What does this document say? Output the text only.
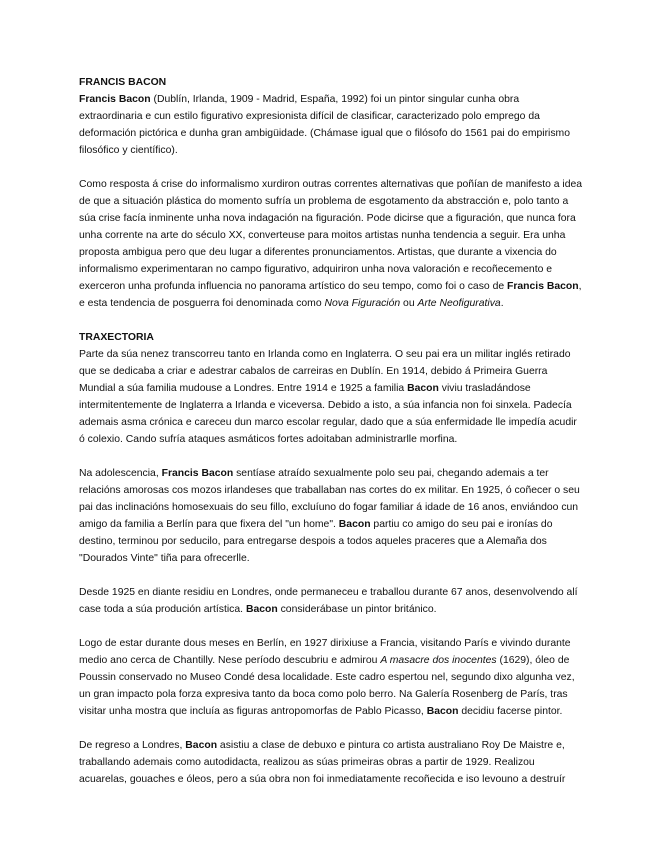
FRANCIS BACON

Francis Bacon (Dublín, Irlanda, 1909 - Madrid, España, 1992) foi un pintor singular cunha obra extraordinaria e cun estilo figurativo expresionista difícil de clasificar, caracterizado polo emprego da deformación pictórica e dunha gran ambigüidade. (Chámase igual que o filósofo do 1561 pai do empirismo filosófico y científico).

Como resposta á crise do informalismo xurdiron outras correntes alternativas que poñían de manifesto a idea de que a situación plástica do momento sufría un problema de esgotamento da abstracción e, polo tanto a súa crise facía inminente unha nova indagación na figuración. Pode dicirse que a figuración, que nunca fora unha corrente na arte do século XX, converteuse para moitos artistas nunha tendencia a seguir. Era unha proposta ambigua pero que deu lugar a diferentes pronunciamentos. Artistas, que durante a vixencia do informalismo experimentaran no campo figurativo, adquiriron unha nova valoración e recoñecemento e exerceron unha profunda influencia no panorama artístico do seu tempo, como foi o caso de Francis Bacon, e esta tendencia de posguerra foi denominada como Nova Figuración ou Arte Neofigurativa.

TRAXECTORIA

Parte da súa nenez transcorreu tanto en Irlanda como en Inglaterra. O seu pai era un militar inglés retirado que se dedicaba a criar e adestrar cabalos de carreiras en Dublín. En 1914, debido á Primeira Guerra Mundial a súa familia mudouse a Londres. Entre 1914 e 1925 a familia Bacon viviu trasladándose intermitentemente de Inglaterra a Irlanda e viceversa. Debido a isto, a súa infancia non foi sinxela. Padecía ademais asma crónica e careceu dun marco escolar regular, dado que a súa enfermidade lle impedía acudir ó colexio. Cando sufría ataques asmáticos fortes adoitaban administrarlle morfina.

Na adolescencia, Francis Bacon sentíase atraído sexualmente polo seu pai, chegando ademais a ter relacións amorosas cos mozos irlandeses que traballaban nas cortes do ex militar. En 1925, ó coñecer o seu pai das inclinacións homosexuais do seu fillo, excluíuno do fogar familiar á idade de 16 anos, enviándoo cun amigo da familia a Berlín para que fixera del "un home". Bacon partiu co amigo do seu pai e ironías do destino, terminou por seducilo, para entregarse despois a todos aqueles praceres que a Alemaña dos "Dourados Vinte" tiña para ofrecerlle.

Desde 1925 en diante residiu en Londres, onde permaneceu e traballou durante 67 anos, desenvolvendo alí case toda a súa produción artística. Bacon considerábase un pintor británico.

Logo de estar durante dous meses en Berlín, en 1927 dirixiuse a Francia, visitando París e vivindo durante medio ano cerca de Chantilly. Nese período descubriu e admirou A masacre dos inocentes (1629), óleo de Poussin conservado no Museo Condé desa localidade. Este cadro espertou nel, segundo dixo algunha vez, un gran impacto pola forza expresiva tanto da boca como polo berro. Na Galería Rosenberg de París, tras visitar unha mostra que incluía as figuras antropomorfas de Pablo Picasso, Bacon decidiu facerse pintor.

De regreso a Londres, Bacon asistiu a clase de debuxo e pintura co artista australiano Roy De Maistre e, traballando ademais como autodidacta, realizou as súas primeiras obras a partir de 1929. Realizou acuarelas, gouaches e óleos, pero a súa obra non foi inmediatamente recoñecida e iso levouno a destruír
